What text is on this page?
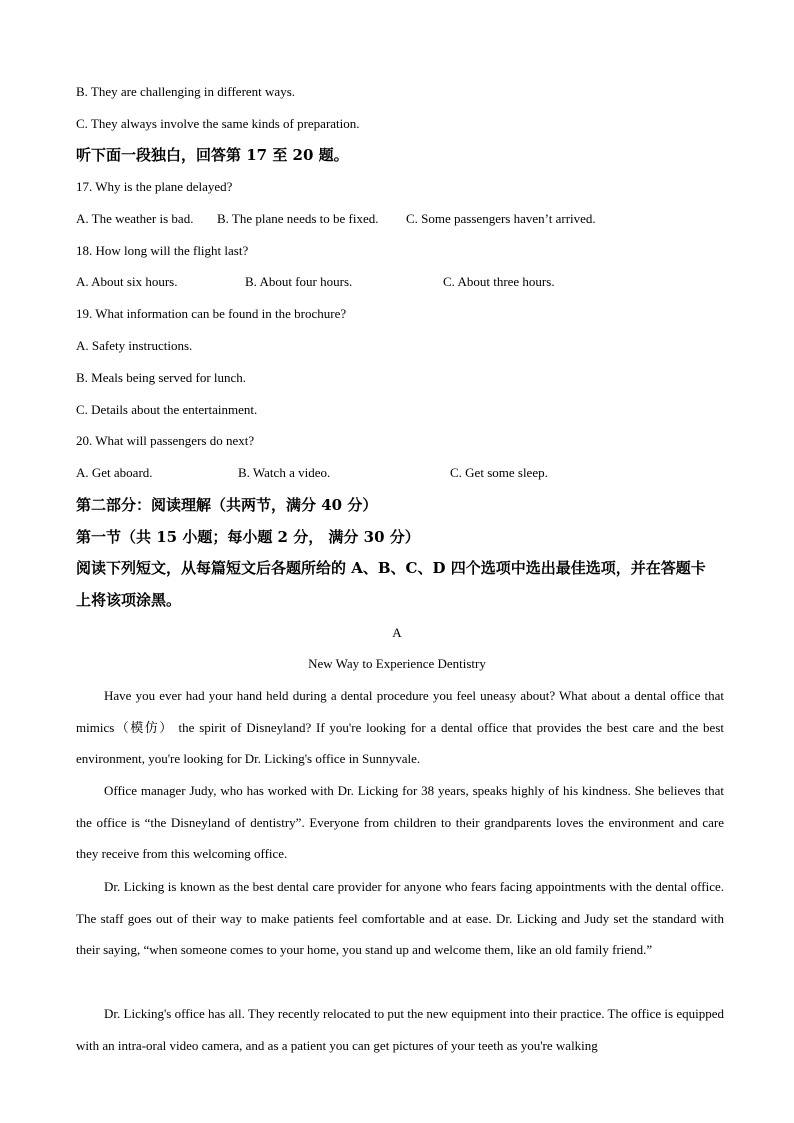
B. They are challenging in different ways.
C. They always involve the same kinds of preparation.
听下面一段独白，回答第 17 至 20 题。
17. Why is the plane delayed?
A. The weather is bad. B. The plane needs to be fixed. C. Some passengers haven’t arrived.
18. How long will the flight last?
A. About six hours.	B. About four hours.	C. About three hours.
19. What information can be found in the brochure?
A. Safety instructions.
B. Meals being served for lunch.
C. Details about the entertainment.
20. What will passengers do next?
A. Get aboard.	B. Watch a video.	C. Get some sleep.
第二部分：阅读理解（共两节，满分 40 分）
第一节（共 15 小题；每小题 2 分， 满分 30 分）
阅读下列短文，从每篇短文后各题所给的 A、B、C、D 四个选项中选出最佳选项，并在答题卡
上将该项涂黑。
A
New Way to Experience Dentistry

Have you ever had your hand held during a dental procedure you feel uneasy about? What about a dental office that mimics（模仿） the spirit of Disneyland? If you're looking for a dental office that provides the best care and the best environment, you're looking for Dr. Licking's office in Sunnyvale.

Office manager Judy, who has worked with Dr. Licking for 38 years, speaks highly of his kindness. She believes that the office is “the Disneyland of dentistry”. Everyone from children to their grandparents loves the environment and care they receive from this welcoming office.

Dr. Licking is known as the best dental care provider for anyone who fears facing appointments with the dental office. The staff goes out of their way to make patients feel comfortable and at ease. Dr. Licking and Judy set the standard with their saying, “when someone comes to your home, you stand up and welcome them, like an old family friend.”

Dr. Licking's office has all. They recently relocated to put the new equipment into their practice. The office is equipped with an intra-oral video camera, and as a patient you can get pictures of your teeth as you're walking
